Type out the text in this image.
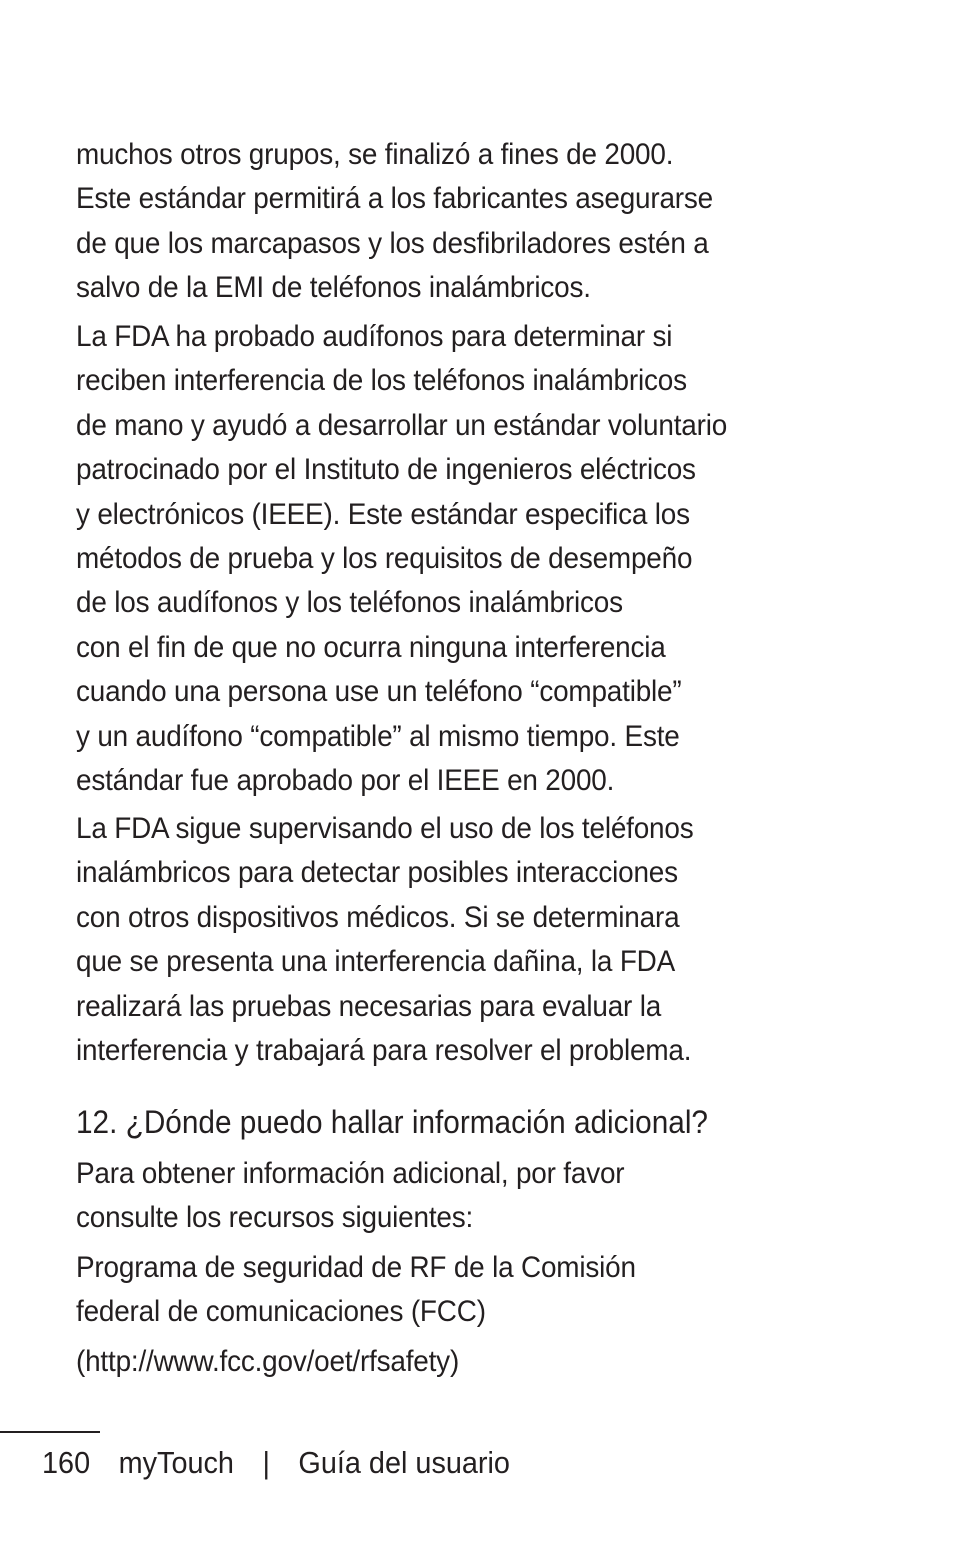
muchos otros grupos, se finalizó a fines de 2000.
Este estándar permitirá a los fabricantes asegurarse
de que los marcapasos y los desfibriladores estén a
salvo de la EMI de teléfonos inalámbricos.
La FDA ha probado audífonos para determinar si
reciben interferencia de los teléfonos inalámbricos
de mano y ayudó a desarrollar un estándar voluntario
patrocinado por el Instituto de ingenieros eléctricos
y electrónicos (IEEE). Este estándar especifica los
métodos de prueba y los requisitos de desempeño
de los audífonos y los teléfonos inalámbricos
con el fin de que no ocurra ninguna interferencia
cuando una persona use un teléfono “compatible”
y un audífono “compatible” al mismo tiempo. Este
estándar fue aprobado por el IEEE en 2000.
La FDA sigue supervisando el uso de los teléfonos
inalámbricos para detectar posibles interacciones
con otros dispositivos médicos. Si se determinara
que se presenta una interferencia dañina, la FDA
realizará las pruebas necesarias para evaluar la
interferencia y trabajará para resolver el problema.
12. ¿Dónde puedo hallar información adicional?
Para obtener información adicional, por favor
consulte los recursos siguientes:
Programa de seguridad de RF de la Comisión
federal de comunicaciones (FCC)
(http://www.fcc.gov/oet/rfsafety)
160 myTouch | Guía del usuario
